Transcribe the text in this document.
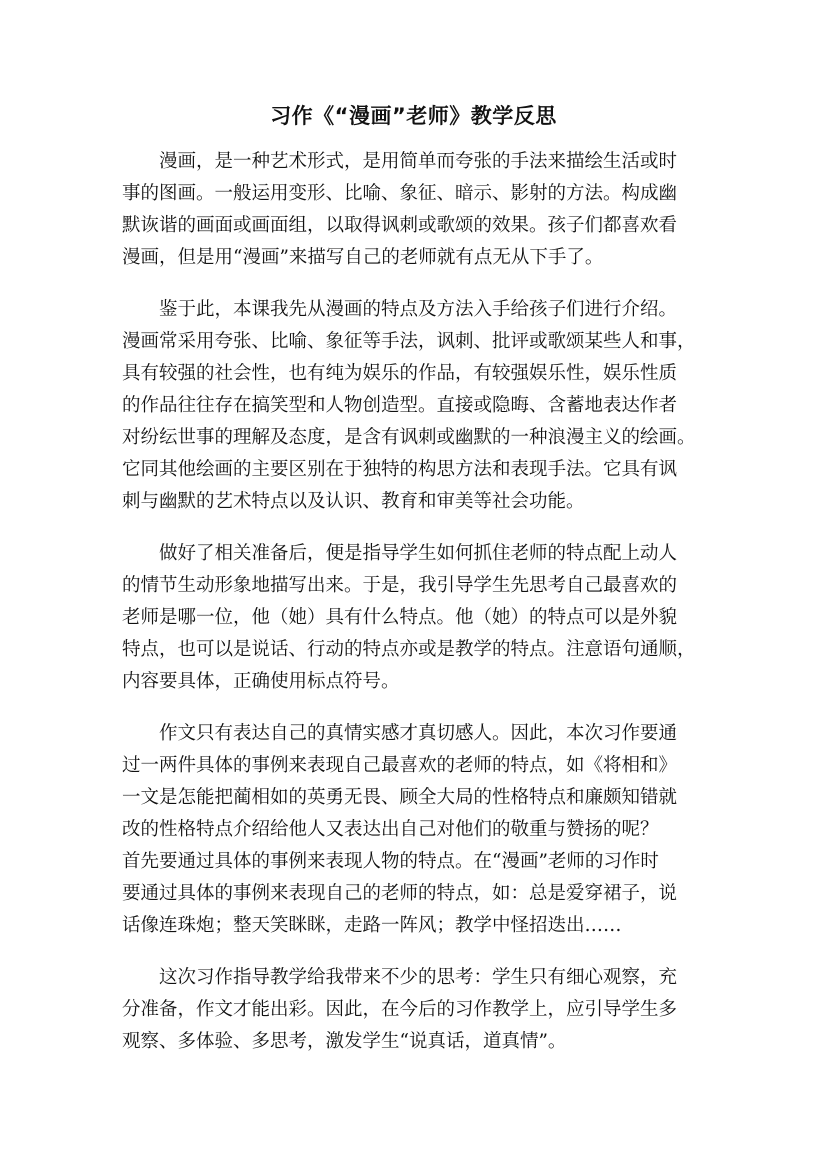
习作《“漫画”老师》教学反思

漫画，是一种艺术形式，是用简单而夸张的手法来描绘生活或时
事的图画。一般运用变形、比喻、象征、暗示、影射的方法。构成幽
默诙谐的画面或画面组，以取得讽刺或歌颂的效果。孩子们都喜欢看
漫画，但是用“漫画”来描写自己的老师就有点无从下手了。

鉴于此，本课我先从漫画的特点及方法入手给孩子们进行介绍。
漫画常采用夸张、比喻、象征等手法，讽刺、批评或歌颂某些人和事，
具有较强的社会性，也有纯为娱乐的作品，有较强娱乐性，娱乐性质
的作品往往存在搞笑型和人物创造型。直接或隐晦、含蓄地表达作者
对纷纭世事的理解及态度，是含有讽刺或幽默的一种浪漫主义的绘画。
它同其他绘画的主要区别在于独特的构思方法和表现手法。它具有讽
刺与幽默的艺术特点以及认识、教育和审美等社会功能。

做好了相关准备后，便是指导学生如何抓住老师的特点配上动人
的情节生动形象地描写出来。于是，我引导学生先思考自己最喜欢的
老师是哪一位，他（她）具有什么特点。他（她）的特点可以是外貌
特点，也可以是说话、行动的特点亦或是教学的特点。注意语句通顺，
内容要具体，正确使用标点符号。

作文只有表达自己的真情实感才真切感人。因此，本次习作要通
过一两件具体的事例来表现自己最喜欢的老师的特点，如《将相和》
一文是怎能把蔺相如的英勇无畏、顾全大局的性格特点和廉颇知错就
改的性格特点介绍给他人又表达出自己对他们的敬重与赞扬的呢？
首先要通过具体的事例来表现人物的特点。在“漫画”老师的习作时
要通过具体的事例来表现自己的老师的特点，如：总是爱穿裙子，说
话像连珠炮；整天笑眯眯，走路一阵风；教学中怪招迭出……

这次习作指导教学给我带来不少的思考：学生只有细心观察，充
分准备，作文才能出彩。因此，在今后的习作教学上，应引导学生多
观察、多体验、多思考，激发学生“说真话，道真情”。
